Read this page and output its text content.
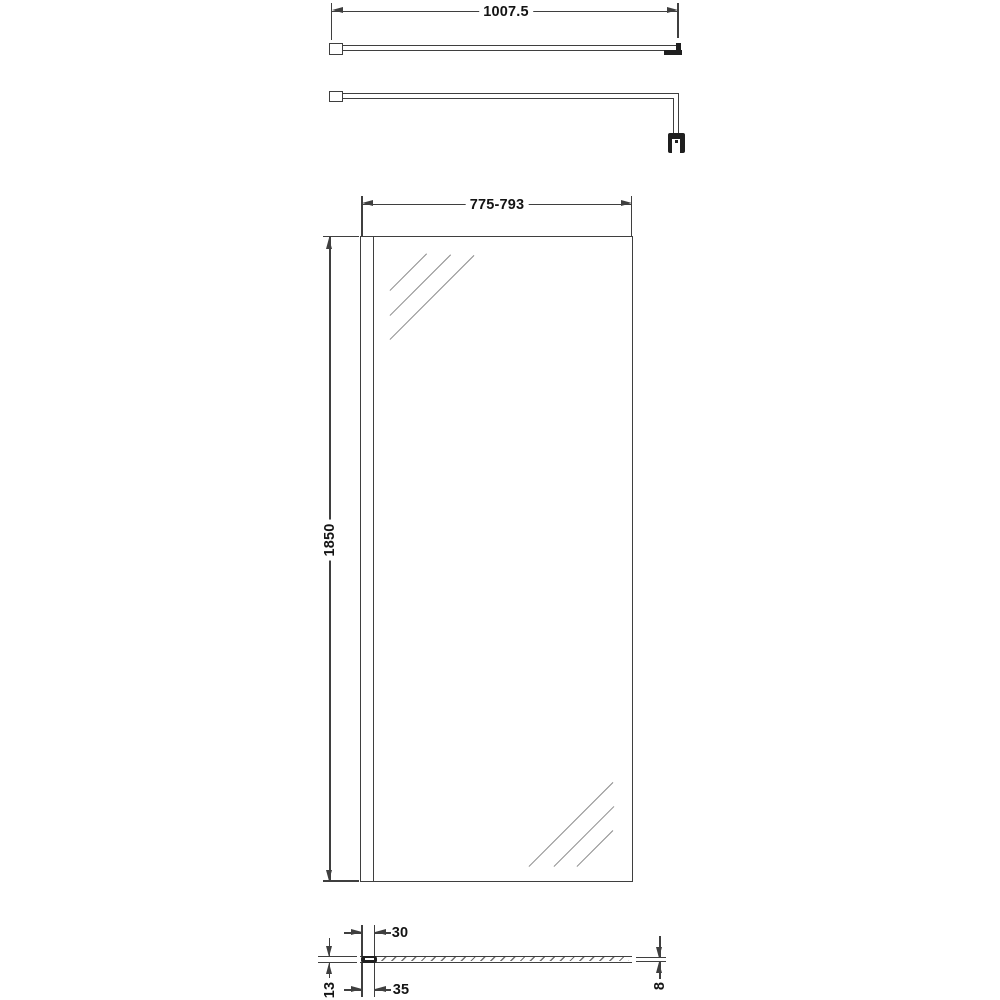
1007.5
775-793
1850
30
13	35	8
